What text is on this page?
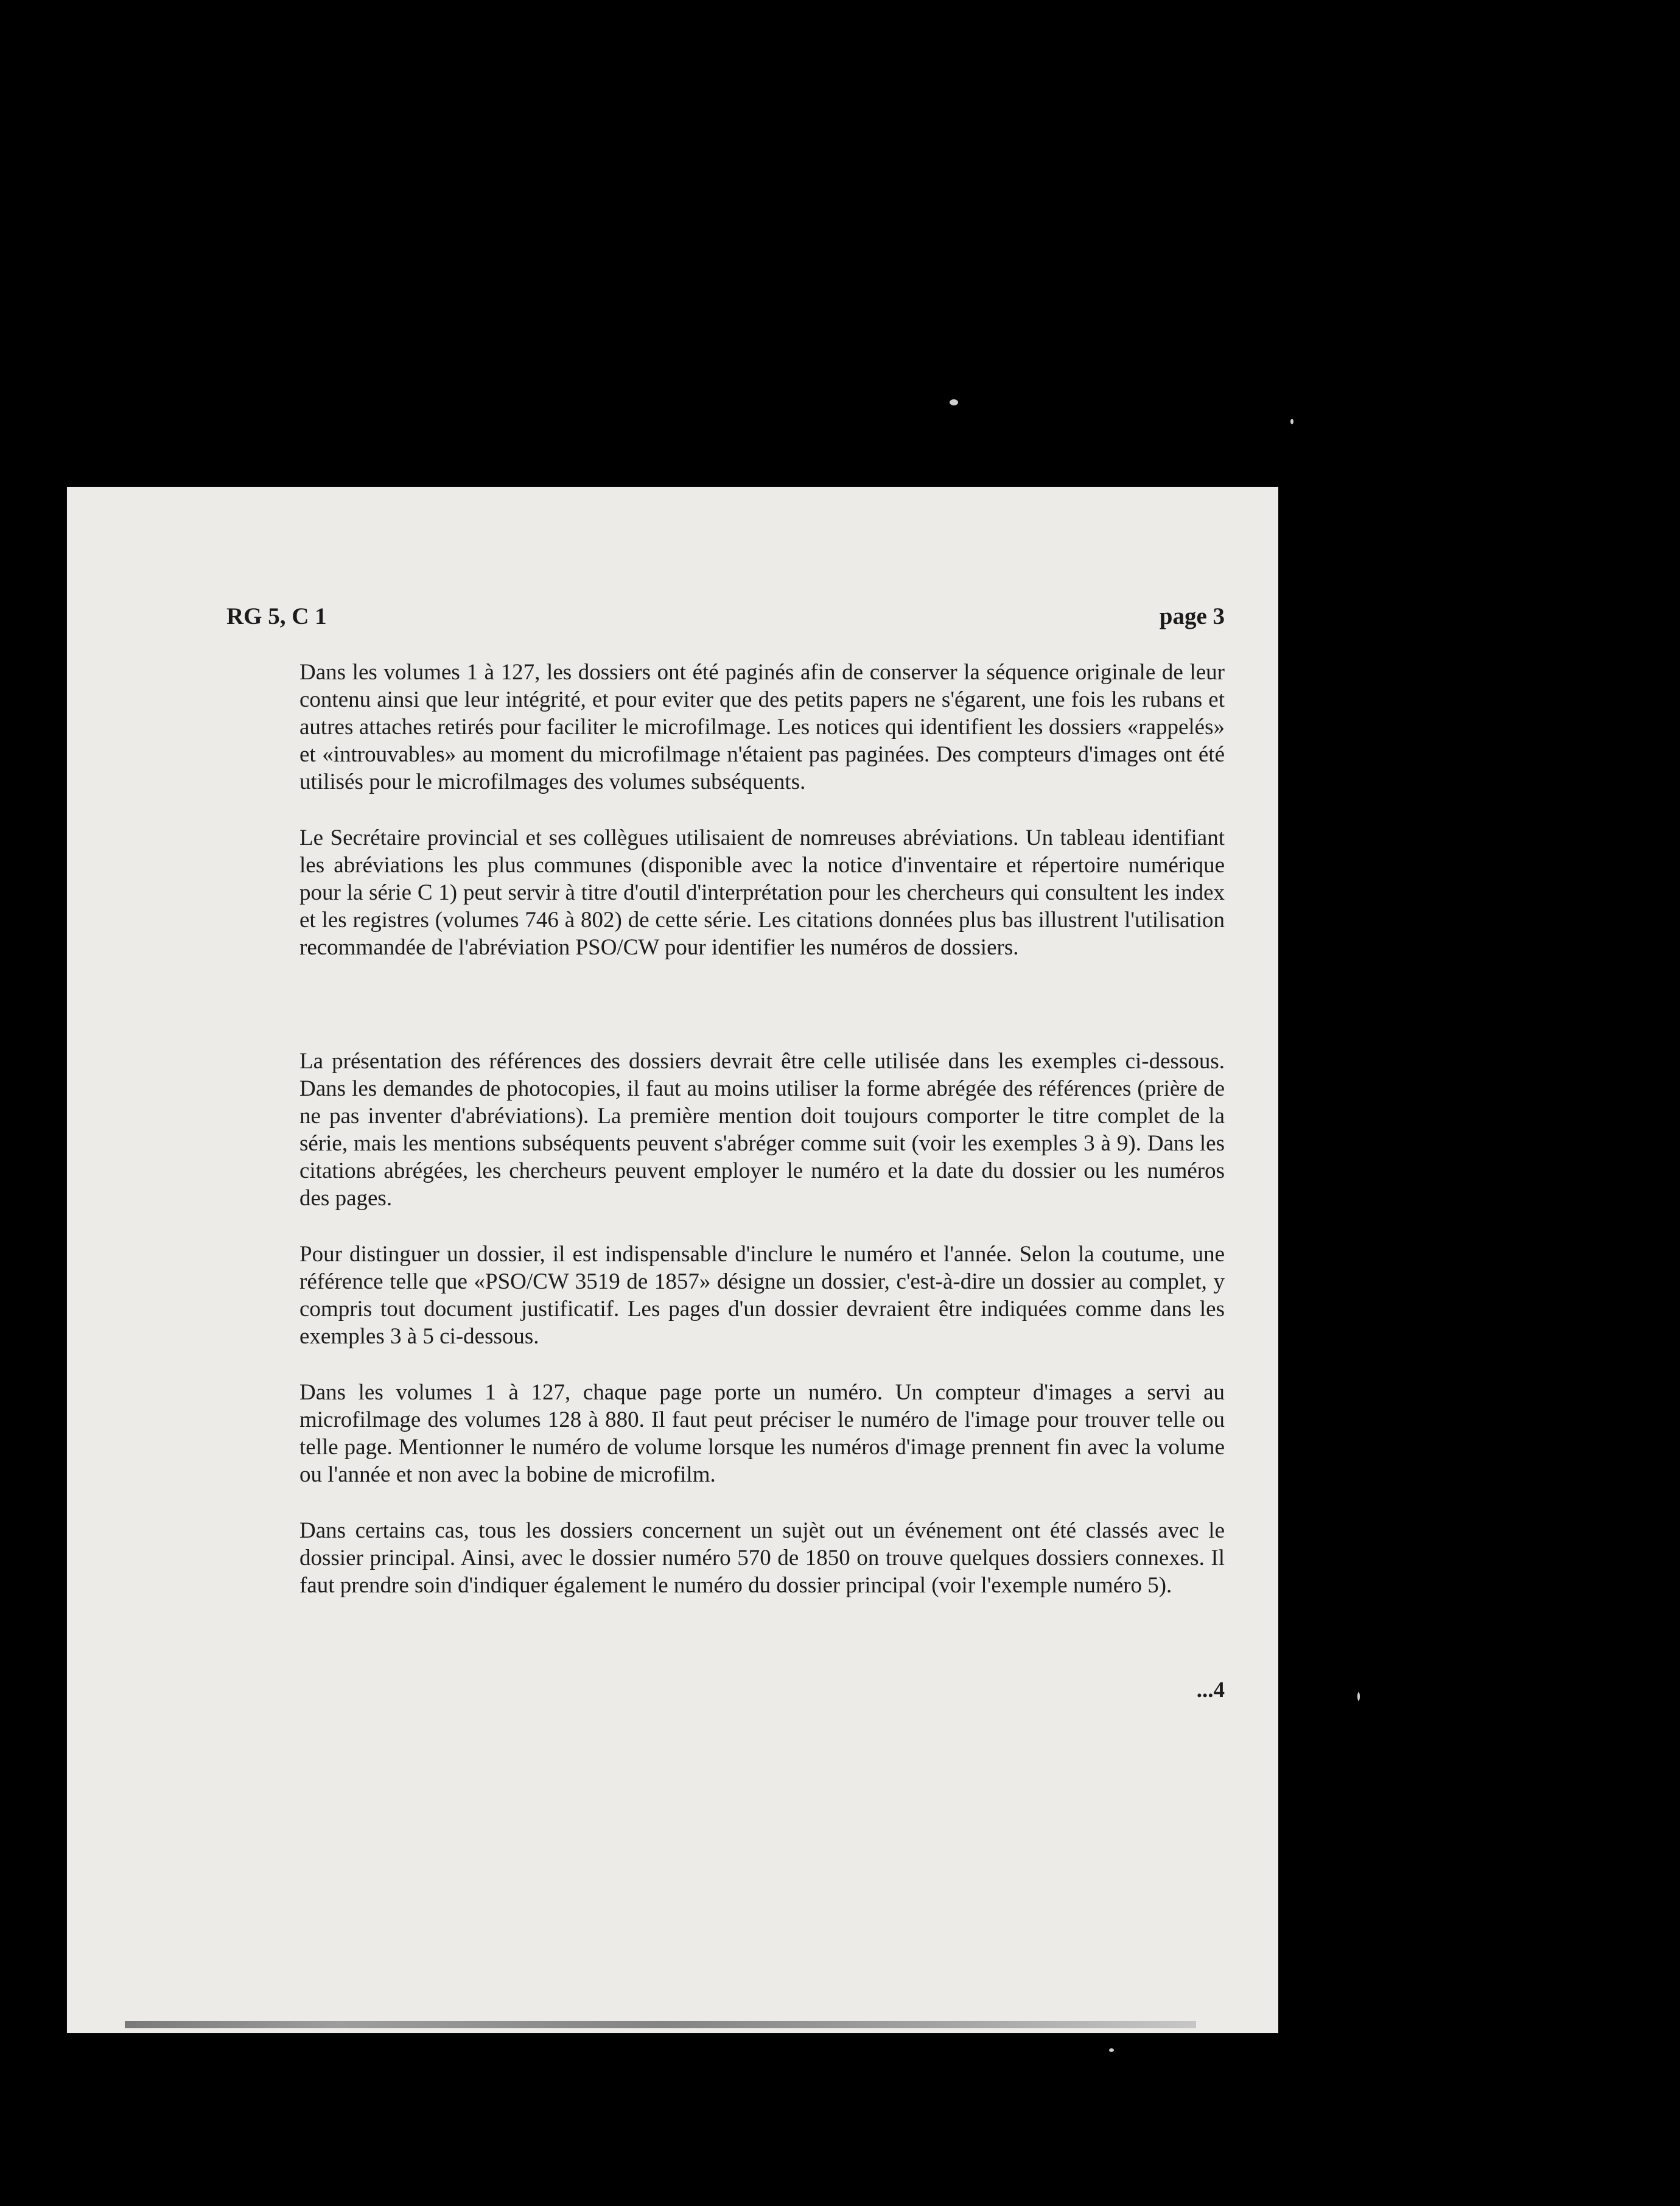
RG 5, C 1	page 3

Dans les volumes 1 à 127, les dossiers ont été paginés afin de conserver la séquence originale de leur contenu ainsi que leur intégrité, et pour eviter que des petits papers ne s'égarent, une fois les rubans et autres attaches retirés pour faciliter le microfilmage. Les notices qui identifient les dossiers «rappelés» et «introuvables» au moment du microfilmage n'étaient pas paginées. Des compteurs d'images ont été utilisés pour le microfilmages des volumes subséquents.

Le Secrétaire provincial et ses collègues utilisaient de nomreuses abréviations. Un tableau identifiant les abréviations les plus communes (disponible avec la notice d'inventaire et répertoire numérique pour la série C 1) peut servir à titre d'outil d'interprétation pour les chercheurs qui consultent les index et les registres (volumes 746 à 802) de cette série. Les citations données plus bas illustrent l'utilisation recommandée de l'abréviation PSO/CW pour identifier les numéros de dossiers.

La présentation des références des dossiers devrait être celle utilisée dans les exemples ci-dessous. Dans les demandes de photocopies, il faut au moins utiliser la forme abrégée des références (prière de ne pas inventer d'abréviations). La première mention doit toujours comporter le titre complet de la série, mais les mentions subséquents peuvent s'abréger comme suit (voir les exemples 3 à 9). Dans les citations abrégées, les chercheurs peuvent employer le numéro et la date du dossier ou les numéros des pages.

Pour distinguer un dossier, il est indispensable d'inclure le numéro et l'année. Selon la coutume, une référence telle que «PSO/CW 3519 de 1857» désigne un dossier, c'est-à-dire un dossier au complet, y compris tout document justificatif. Les pages d'un dossier devraient être indiquées comme dans les exemples 3 à 5 ci-dessous.

Dans les volumes 1 à 127, chaque page porte un numéro. Un compteur d'images a servi au microfilmage des volumes 128 à 880. Il faut peut préciser le numéro de l'image pour trouver telle ou telle page. Mentionner le numéro de volume lorsque les numéros d'image prennent fin avec la volume ou l'année et non avec la bobine de microfilm.

Dans certains cas, tous les dossiers concernent un sujèt out un événement ont été classés avec le dossier principal. Ainsi, avec le dossier numéro 570 de 1850 on trouve quelques dossiers connexes. Il faut prendre soin d'indiquer également le numéro du dossier principal (voir l'exemple numéro 5).

...4
